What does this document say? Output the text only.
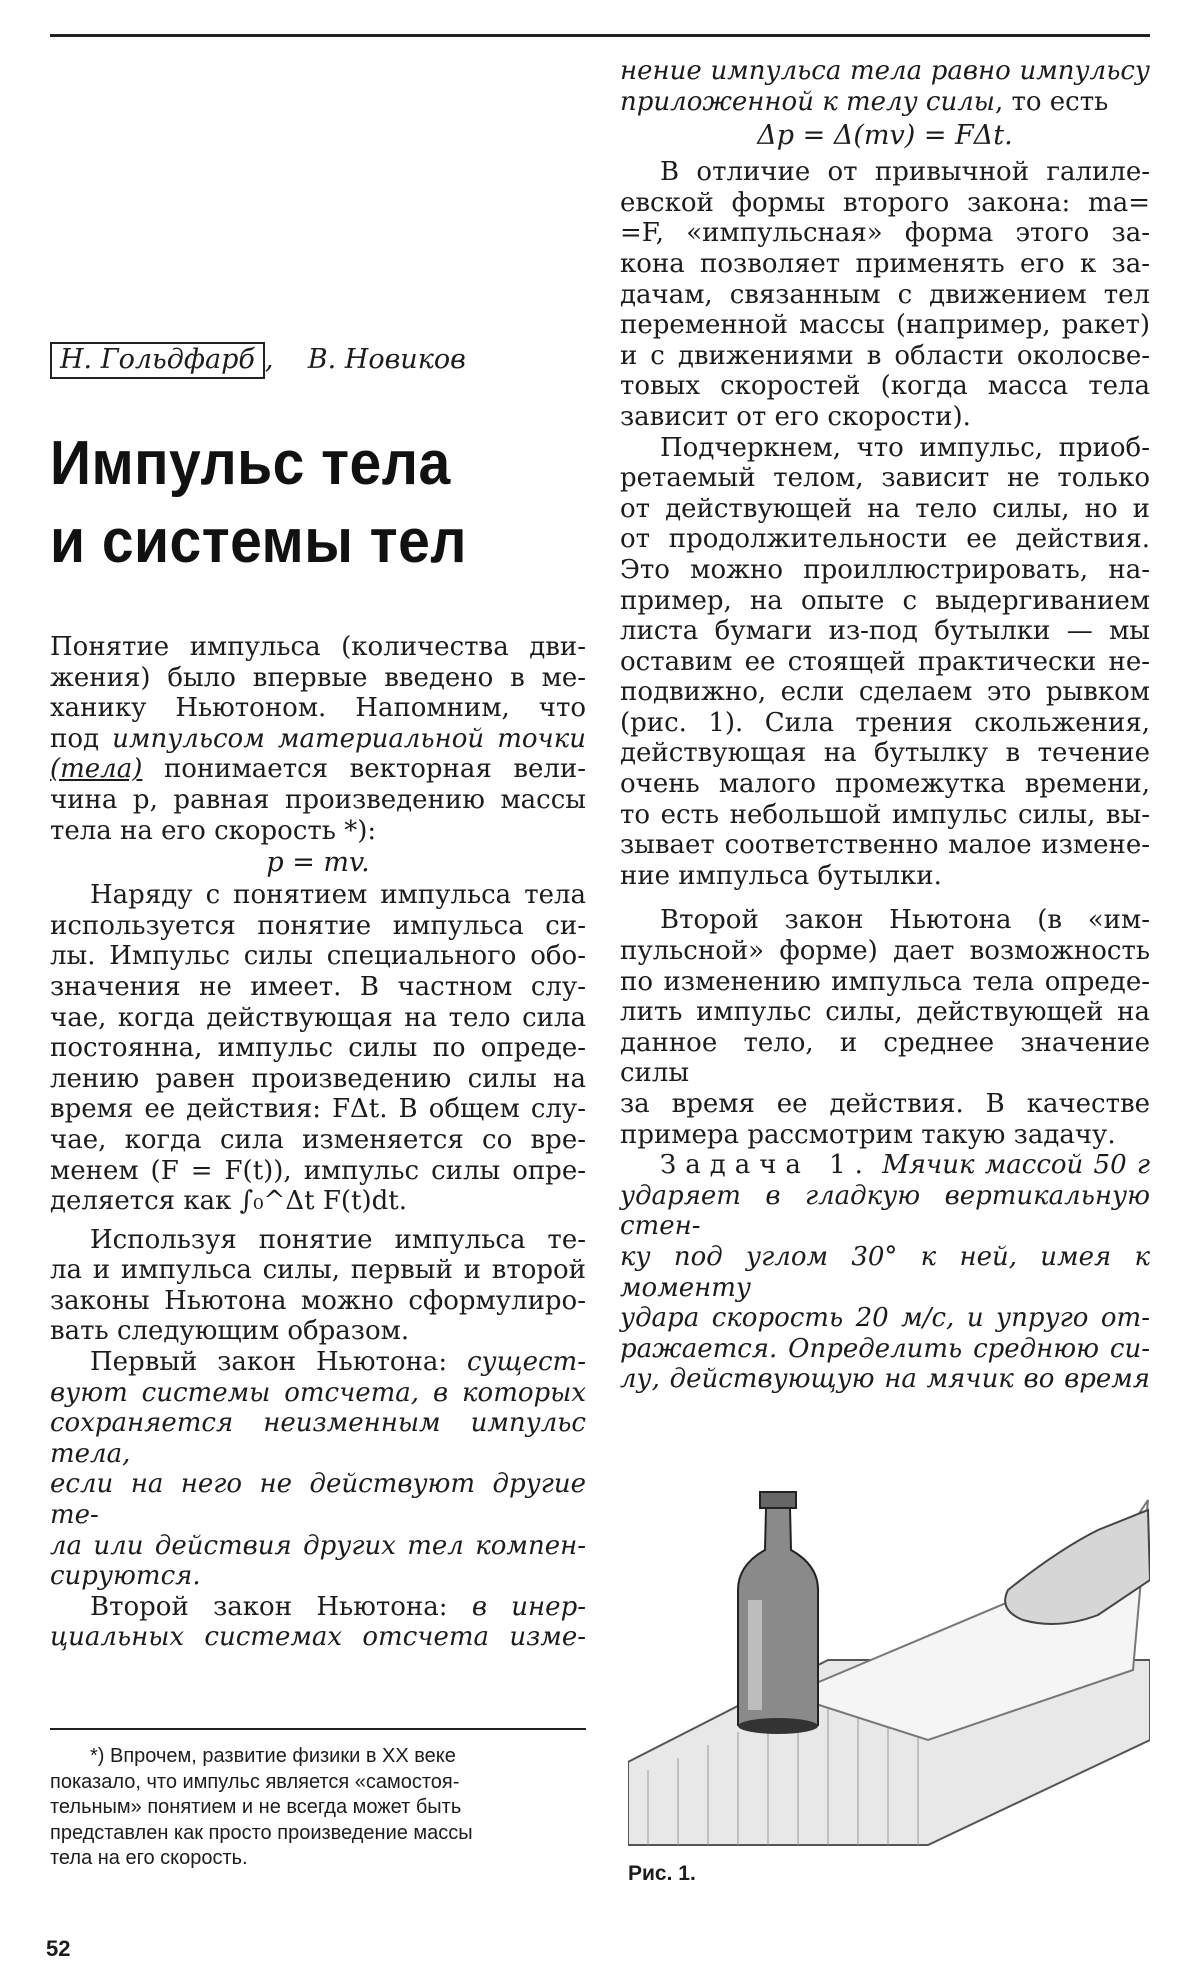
Н. Гольдфарб , В. Новиков
Импульс тела
и системы тел

Понятие импульса (количества дви-

жения) было впервые введено в ме-

ханику Ньютоном. Напомним, что

под импульсом материальной точки

(тела) понимается векторная вели-

чина p, равная произведению массы

тела на его скорость *):

p = mv.

Наряду с понятием импульса тела

используется понятие импульса си-

лы. Импульс силы специального обо-

значения не имеет. В частном слу-

чае, когда действующая на тело сила

постоянна, импульс силы по опреде-

лению равен произведению силы на

время ее действия: FΔt. В общем слу-

чае, когда сила изменяется со вре-

менем (F = F(t)), импульс силы опре-

деляется как ∫₀^Δt F(t)dt.

Используя понятие импульса те-

ла и импульса силы, первый и второй

законы Ньютона можно сформулиро-

вать следующим образом.

Первый закон Ньютона: сущест-

вуют системы отсчета, в которых

сохраняется неизменным импульс тела,

если на него не действуют другие те-

ла или действия других тел компен-

сируются.

Второй закон Ньютона: в инер-

циальных системах отсчета изме-

*) Впрочем, развитие физики в XX веке

показало, что импульс является «самостоя-

тельным» понятием и не всегда может быть

представлен как просто произведение массы

тела на его скорость.

нение импульса тела равно импульсу

приложенной к телу силы, то есть

Δp = Δ(mv) = FΔt.

В отличие от привычной галиле-

евской формы второго закона: ma=

=F, «импульсная» форма этого за-

кона позволяет применять его к за-

дачам, связанным с движением тел

переменной массы (например, ракет)

и с движениями в области околосве-

товых скоростей (когда масса тела

зависит от его скорости).

Подчеркнем, что импульс, приоб-

ретаемый телом, зависит не только

от действующей на тело силы, но и

от продолжительности ее действия.

Это можно проиллюстрировать, на-

пример, на опыте с выдергиванием

листа бумаги из-под бутылки — мы

оставим ее стоящей практически не-

подвижно, если сделаем это рывком

(рис. 1). Сила трения скольжения,

действующая на бутылку в течение

очень малого промежутка времени,

то есть небольшой импульс силы, вы-

зывает соответственно малое измене-

ние импульса бутылки.

Второй закон Ньютона (в «им-

пульсной» форме) дает возможность

по изменению импульса тела опреде-

лить импульс силы, действующей на

данное тело, и среднее значение силы

за время ее действия. В качестве

примера рассмотрим такую задачу.

Задача 1. Мячик массой 50 г

ударяет в гладкую вертикальную стен-

ку под углом 30° к ней, имея к моменту

удара скорость 20 м/с, и упруго от-

ражается. Определить среднюю си-

лу, действующую на мячик во время

Рис. 1.
52
